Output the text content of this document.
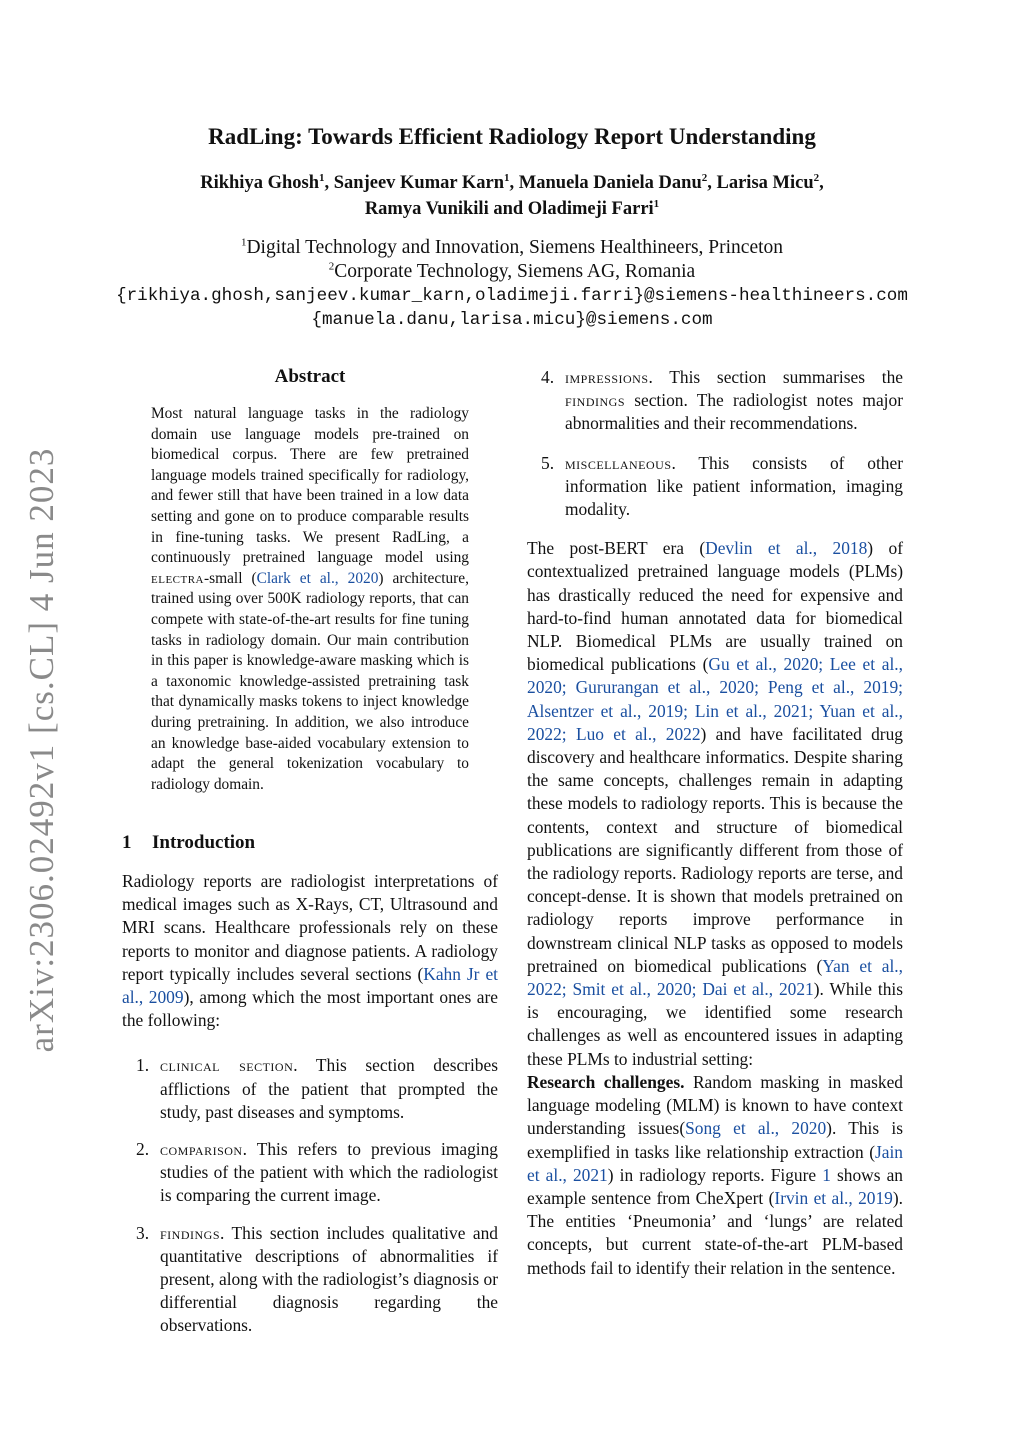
arXiv:2306.02492v1 [cs.CL] 4 Jun 2023
RadLing: Towards Efficient Radiology Report Understanding
Rikhiya Ghosh$^1$, Sanjeev Kumar Karn$^1$, Manuela Daniela Danu$^2$, Larisa Micu$^2$,
Ramya Vunikili and Oladimeji Farri$^1$
$^1$Digital Technology and Innovation, Siemens Healthineers, Princeton
$^2$Corporate Technology, Siemens AG, Romania
{rikhiya.ghosh,sanjeev.kumar_karn,oladimeji.farri}@siemens-healthineers.com
{manuela.danu,larisa.micu}@siemens.com
Abstract
Most natural language tasks in the radiology domain use language models pre-trained on biomedical corpus. There are few pretrained language models trained specifically for radiology, and fewer still that have been trained in a low data setting and gone on to produce comparable results in fine-tuning tasks. We present RadLing, a continuously pretrained language model using electra-small (Clark et al., 2020) architecture, trained using over 500K radiology reports, that can compete with state-of-the-art results for fine tuning tasks in radiology domain. Our main contribution in this paper is knowledge-aware masking which is a taxonomic knowledge-assisted pretraining task that dynamically masks tokens to inject knowledge during pretraining. In addition, we also introduce an knowledge base-aided vocabulary extension to adapt the general tokenization vocabulary to radiology domain.
1 Introduction

Radiology reports are radiologist interpretations of medical images such as X-Rays, CT, Ultrasound and MRI scans. Healthcare professionals rely on these reports to monitor and diagnose patients. A radiology report typically includes several sections (Kahn Jr et al., 2009), among which the most important ones are the following:

1. clinical section. This section describes afflictions of the patient that prompted the study, past diseases and symptoms.
2. comparison. This refers to previous imaging studies of the patient with which the radiologist is comparing the current image.
3. findings. This section includes qualitative and quantitative descriptions of abnormalities if present, along with the radiologist’s diagnosis or differential diagnosis regarding the observations.
4. impressions. This section summarises the findings section. The radiologist notes major abnormalities and their recommendations.
5. miscellaneous. This consists of other information like patient information, imaging modality.

The post-BERT era (Devlin et al., 2018) of contextualized pretrained language models (PLMs) has drastically reduced the need for expensive and hard-to-find human annotated data for biomedical NLP. Biomedical PLMs are usually trained on biomedical publications (Gu et al., 2020; Lee et al., 2020; Gururangan et al., 2020; Peng et al., 2019; Alsentzer et al., 2019; Lin et al., 2021; Yuan et al., 2022; Luo et al., 2022) and have facilitated drug discovery and healthcare informatics. Despite sharing the same concepts, challenges remain in adapting these models to radiology reports. This is because the contents, context and structure of biomedical publications are significantly different from those of the radiology reports. Radiology reports are terse, and concept-dense. It is shown that models pretrained on radiology reports improve performance in downstream clinical NLP tasks as opposed to models pretrained on biomedical publications (Yan et al., 2022; Smit et al., 2020; Dai et al., 2021). While this is encouraging, we identified some research challenges as well as encountered issues in adapting these PLMs to industrial setting:

Research challenges. Random masking in masked language modeling (MLM) is known to have context understanding issues(Song et al., 2020). This is exemplified in tasks like relationship extraction (Jain et al., 2021) in radiology reports. Figure 1 shows an example sentence from CheXpert (Irvin et al., 2019). The entities ‘Pneumonia’ and ‘lungs’ are related concepts, but current state-of-the-art PLM-based methods fail to identify their relation in the sentence.
